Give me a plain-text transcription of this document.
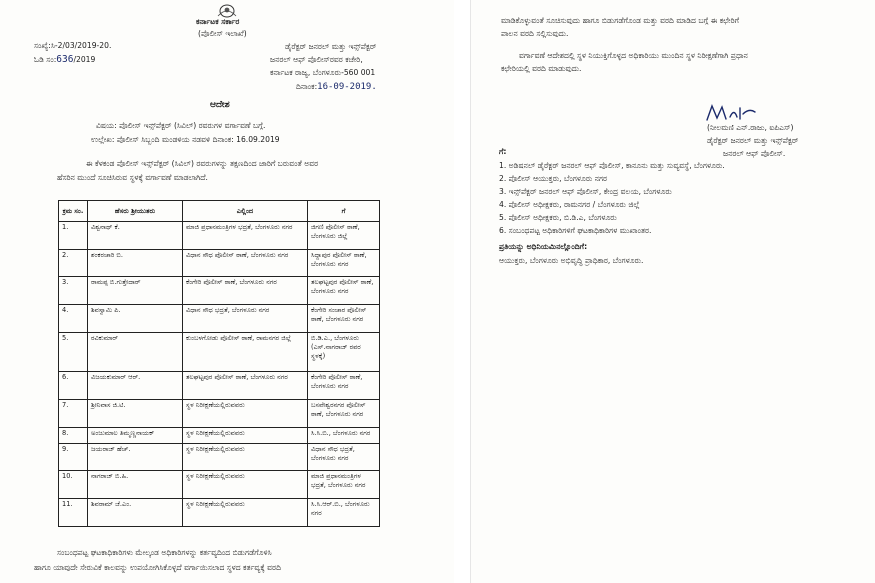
ಕರ್ನಾಟಕ ಸರ್ಕಾರ
(ಪೊಲೀಸ್ ಇಲಾಖೆ)
ಸಂಖ್ಯೆ:ಸಿ-2/03/2019-20.
ಓಡಿ ಸಂ:636/2019
ಡೈರೆಕ್ಟರ್ ಜನರಲ್ ಮತ್ತು ಇನ್ಸ್‌ಪೆಕ್ಟರ್
ಜನರಲ್ ಆಫ್ ಪೊಲೀಸ್‌ರವರ ಕಚೇರಿ,
ಕರ್ನಾಟಕ ರಾಜ್ಯ, ಬೆಂಗಳೂರು-560 001
ದಿನಾಂಕ:16-09-2019.
ಆದೇಶ
ವಿಷಯ: ಪೊಲೀಸ್ ಇನ್ಸ್‌ಪೆಕ್ಟರ್ (ಸಿವಿಲ್) ರವರುಗಳ ವರ್ಗಾವಣೆ ಬಗ್ಗೆ.
ಉಲ್ಲೇಖ: ಪೊಲೀಸ್ ಸಿಬ್ಬಂದಿ ಮಂಡಳಿಯ ನಡವಳಿ ದಿನಾಂಕ: 16.09.2019
ಈ ಕೆಳಕಂಡ ಪೊಲೀಸ್ ಇನ್ಸ್‌ಪೆಕ್ಟರ್ (ಸಿವಿಲ್) ರವರುಗಳನ್ನು ತಕ್ಷಣದಿಂದ ಜಾರಿಗೆ ಬರುವಂತೆ ಅವರ
ಹೆಸರಿನ ಮುಂದೆ ಸೂಚಿಸಿರುವ ಸ್ಥಳಕ್ಕೆ ವರ್ಗಾವಣೆ ಮಾಡಲಾಗಿದೆ.
ಕ್ರಮ ಸಂ.	ಹೆಸರು ಶ್ರೀಯುತರು	ಎಲ್ಲಿಂದ	ಗೆ
1.	ವಿಶ್ವನಾಥ್ ಕೆ.	ಮಾಜಿ ಪ್ರಧಾನಮಂತ್ರಿಗಳ ಭದ್ರತೆ, ಬೆಂಗಳೂರು ನಗರ	ಜಿಗಣಿ ಪೊಲೀಸ್ ಠಾಣೆ, ಬೆಂಗಳೂರು ಜಿಲ್ಲೆ
2.	ಶಂಕರಚಾರಿ ಬಿ.	ವಿಧಾನ ಸೌಧ ಪೊಲೀಸ್ ಠಾಣೆ, ಬೆಂಗಳೂರು ನಗರ	ಸಿದ್ದಾಪುರ ಪೊಲೀಸ್ ಠಾಣೆ, ಬೆಂಗಳೂರು ನಗರ
3.	ರಾಮಪ್ಪ ಬಿ.ಗುತ್ತೇದಾರ್	ಕೆಂಗೇರಿ ಪೊಲೀಸ್ ಠಾಣೆ, ಬೆಂಗಳೂರು ನಗರ	ತಲಘಟ್ಟಪುರ ಪೊಲೀಸ್ ಠಾಣೆ, ಬೆಂಗಳೂರು ನಗರ
4.	ಶಿವಸ್ವಾಮಿ ಪಿ.	ವಿಧಾನ ಸೌಧ ಭದ್ರತೆ, ಬೆಂಗಳೂರು ನಗರ	ಕೆಂಗೇರಿ ಸಂಚಾರ ಪೊಲೀಸ್ ಠಾಣೆ, ಬೆಂಗಳೂರು ನಗರ
5.	ರವಿಕುಮಾರ್	ಕುಂಬಳಗೋಡು ಪೊಲೀಸ್ ಠಾಣೆ, ರಾಮನಗರ ಜಿಲ್ಲೆ	ಬಿ.ಡಿ.ಎ., ಬೆಂಗಳೂರು (ಎಸ್.ನಾಗರಾಜ್ ರವರ ಸ್ಥಳಕ್ಕೆ)
6.	ವಿಜಯಕುಮಾರ್ ಆರ್.	ತಲಘಟ್ಟಪುರ ಪೊಲೀಸ್ ಠಾಣೆ, ಬೆಂಗಳೂರು ನಗರ	ಕೆಂಗೇರಿ ಪೊಲೀಸ್ ಠಾಣೆ, ಬೆಂಗಳೂರು ನಗರ
7.	ಶ್ರೀನಿವಾಸ ಜಿ.ಟಿ.	ಸ್ಥಳ ನಿರೀಕ್ಷಣೆಯಲ್ಲಿರುವವರು	ಬಸವೇಶ್ವರನಗರ ಪೊಲೀಸ್ ಠಾಣೆ, ಬೆಂಗಳೂರು ನಗರ
8.	ಅಂಜುಮಾಲ ತಿಮ್ಮಣ್ಣನಾಯಕ್	ಸ್ಥಳ ನಿರೀಕ್ಷಣೆಯಲ್ಲಿರುವವರು	ಸಿ.ಸಿ.ಬಿ., ಬೆಂಗಳೂರು ನಗರ
9.	ಜಯರಾಜ್ ಹೆಚ್.	ಸ್ಥಳ ನಿರೀಕ್ಷಣೆಯಲ್ಲಿರುವವರು	ವಿಧಾನ ಸೌಧ ಭದ್ರತೆ, ಬೆಂಗಳೂರು ನಗರ
10.	ನಾಗರಾಜ್ ಬಿ.ಹಿ.	ಸ್ಥಳ ನಿರೀಕ್ಷಣೆಯಲ್ಲಿರುವವರು	ಮಾಜಿ ಪ್ರಧಾನಮಂತ್ರಿಗಳ ಭದ್ರತೆ, ಬೆಂಗಳೂರು ನಗರ
11.	ಶಿವರಾಮ್ ಜೆ.ಎಂ.	ಸ್ಥಳ ನಿರೀಕ್ಷಣೆಯಲ್ಲಿರುವವರು	ಸಿ.ಸಿ.ಆರ್.ಬಿ., ಬೆಂಗಳೂರು ನಗರ
ಸಂಬಂಧಪಟ್ಟ ಘಟಕಾಧಿಕಾರಿಗಳು ಮೇಲ್ಕಂಡ ಅಧಿಕಾರಿಗಳನ್ನು ಕರ್ತವ್ಯದಿಂದ ಬಿಡುಗಡೆಗೊಳಿಸಿ
ಹಾಗೂ ಯಾವುದೇ ಸೇರುವಿಕೆ ಕಾಲವನ್ನು ಉಪಯೋಗಿಸಿಕೊಳ್ಳದೆ ವರ್ಗಾಯಿಸಲಾದ ಸ್ಥಳದ ಕರ್ತವ್ಯಕ್ಕೆ ವರದಿ
ಮಾಡಿಕೊಳ್ಳುವಂತೆ ಸೂಚಿಸುವುದು ಹಾಗೂ ಬಿಡುಗಡೆಗೊಂಡ ಮತ್ತು ವರದಿ ಮಾಡಿದ ಬಗ್ಗೆ ಈ ಕಛೇರಿಗೆ
ಪಾಲನ ವರದಿ ಸಲ್ಲಿಸುವುದು.
ವರ್ಗಾವಣೆ ಆದೇಶದಲ್ಲಿ ಸ್ಥಳ ನಿಯುಕ್ತಿಗೊಳ್ಳದ ಅಧಿಕಾರಿಯು ಮುಂದಿನ ಸ್ಥಳ ನಿರೀಕ್ಷಣೆಗಾಗಿ ಪ್ರಧಾನ
ಕಛೇರಿಯಲ್ಲಿ ವರದಿ ಮಾಡುವುದು.
(ನೀಲಮಣಿ ಎನ್.ರಾಜು, ಐಪಿಎಸ್)
ಡೈರೆಕ್ಟರ್ ಜನರಲ್ ಮತ್ತು ಇನ್ಸ್‌ಪೆಕ್ಟರ್
ಜನರಲ್ ಆಫ್ ಪೊಲೀಸ್.
ಗೆ:
1. ಅಡಿಷನಲ್ ಡೈರೆಕ್ಟರ್ ಜನರಲ್ ಆಫ್ ಪೊಲೀಸ್, ಕಾನೂನು ಮತ್ತು ಸುವ್ಯವಸ್ಥೆ, ಬೆಂಗಳೂರು.
2. ಪೊಲೀಸ್ ಆಯುಕ್ತರು, ಬೆಂಗಳೂರು ನಗರ
3. ಇನ್ಸ್‌ಪೆಕ್ಟರ್ ಜನರಲ್ ಆಫ್ ಪೊಲೀಸ್, ಕೇಂದ್ರ ವಲಯ, ಬೆಂಗಳೂರು
4. ಪೊಲೀಸ್ ಅಧೀಕ್ಷಕರು, ರಾಮನಗರ / ಬೆಂಗಳೂರು ಜಿಲ್ಲೆ
5. ಪೊಲೀಸ್ ಅಧೀಕ್ಷಕರು, ಬಿ.ಡಿ.ಎ, ಬೆಂಗಳೂರು
6. ಸಂಬಂಧಪಟ್ಟ ಅಧಿಕಾರಿಗಳಿಗೆ ಘಟಕಾಧಿಕಾರಿಗಳ ಮುಖಾಂತರ.
ಪ್ರತಿಯನ್ನು ಅಧಿನಿಯಮಿನಲ್ಲೊಂದಿಗೆ:
ಆಯುಕ್ತರು, ಬೆಂಗಳೂರು ಅಭಿವೃದ್ಧಿ ಪ್ರಾಧಿಕಾರ, ಬೆಂಗಳೂರು.
